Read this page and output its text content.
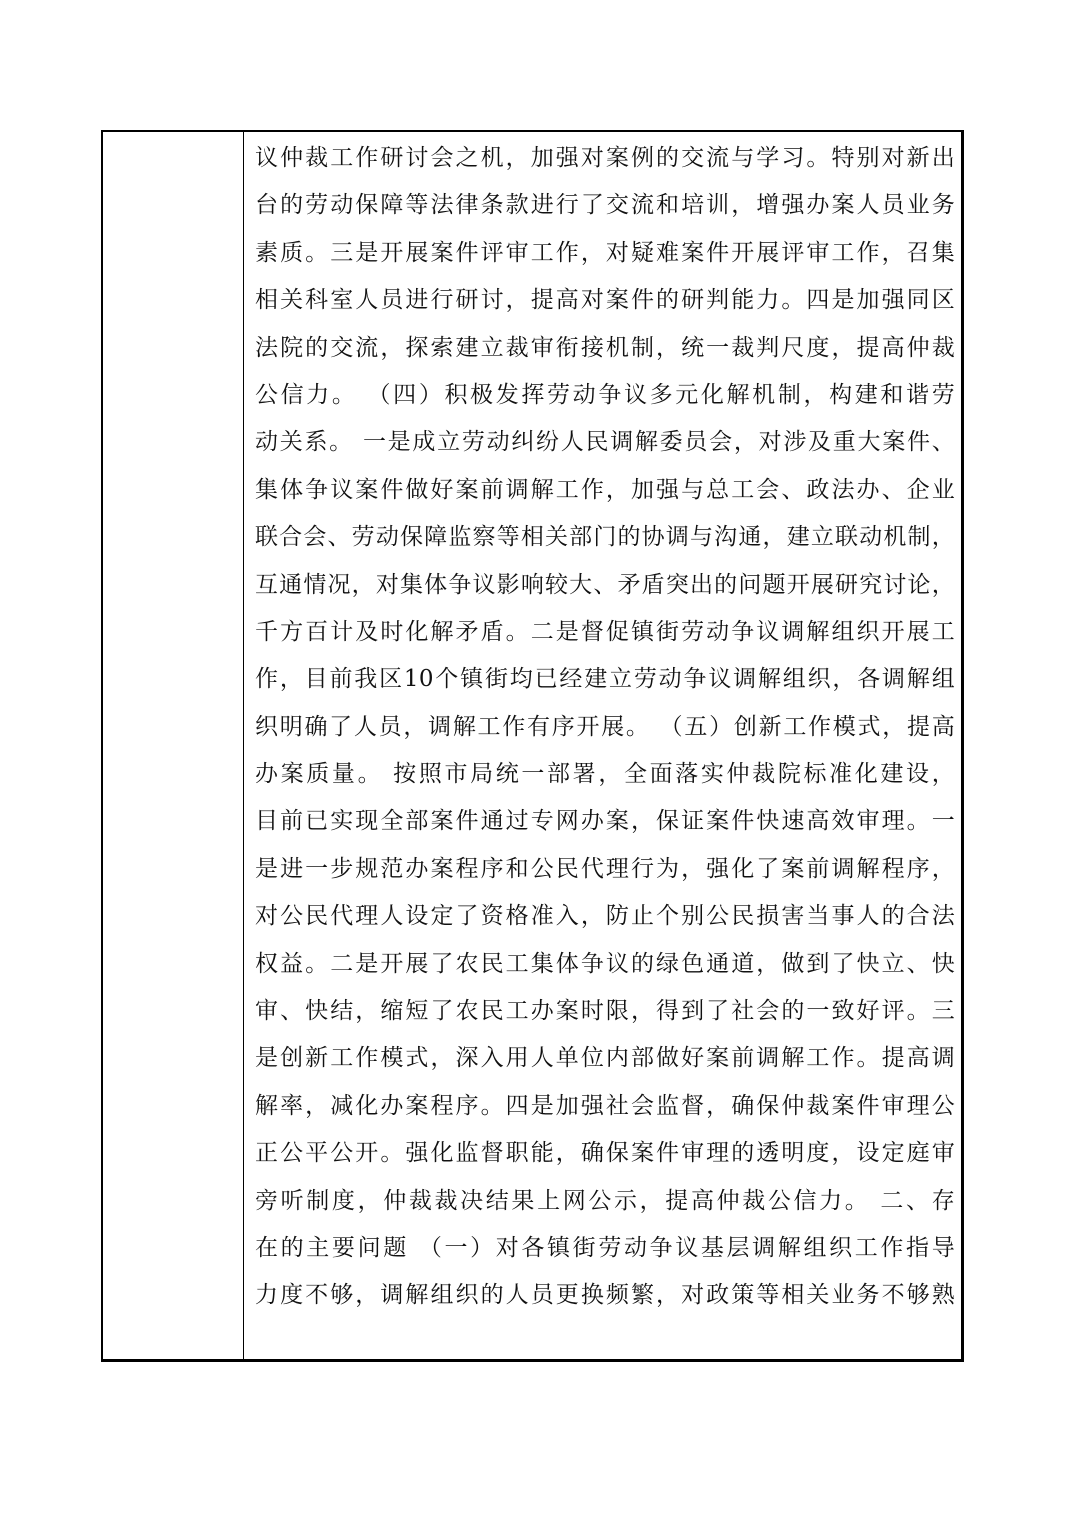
议仲裁工作研讨会之机，加强对案例的交流与学习。特别对新出
台的劳动保障等法律条款进行了交流和培训，增强办案人员业务
素质。三是开展案件评审工作，对疑难案件开展评审工作，召集
相关科室人员进行研讨，提高对案件的研判能力。四是加强同区
法院的交流，探索建立裁审衔接机制，统一裁判尺度，提高仲裁
公信力。 （四）积极发挥劳动争议多元化解机制，构建和谐劳
动关系。 一是成立劳动纠纷人民调解委员会，对涉及重大案件、
集体争议案件做好案前调解工作，加强与总工会、政法办、企业
联合会、劳动保障监察等相关部门的协调与沟通，建立联动机制，
互通情况，对集体争议影响较大、矛盾突出的问题开展研究讨论，
千方百计及时化解矛盾。二是督促镇街劳动争议调解组织开展工
作，目前我区10个镇街均已经建立劳动争议调解组织，各调解组
织明确了人员，调解工作有序开展。 （五）创新工作模式，提高
办案质量。 按照市局统一部署，全面落实仲裁院标准化建设，
目前已实现全部案件通过专网办案，保证案件快速高效审理。一
是进一步规范办案程序和公民代理行为，强化了案前调解程序，
对公民代理人设定了资格准入，防止个别公民损害当事人的合法
权益。二是开展了农民工集体争议的绿色通道，做到了快立、快
审、快结，缩短了农民工办案时限，得到了社会的一致好评。三
是创新工作模式，深入用人单位内部做好案前调解工作。提高调
解率，减化办案程序。四是加强社会监督，确保仲裁案件审理公
正公平公开。强化监督职能，确保案件审理的透明度，设定庭审
旁听制度，仲裁裁决结果上网公示，提高仲裁公信力。 二、存
在的主要问题 （一）对各镇街劳动争议基层调解组织工作指导
力度不够，调解组织的人员更换频繁，对政策等相关业务不够熟
